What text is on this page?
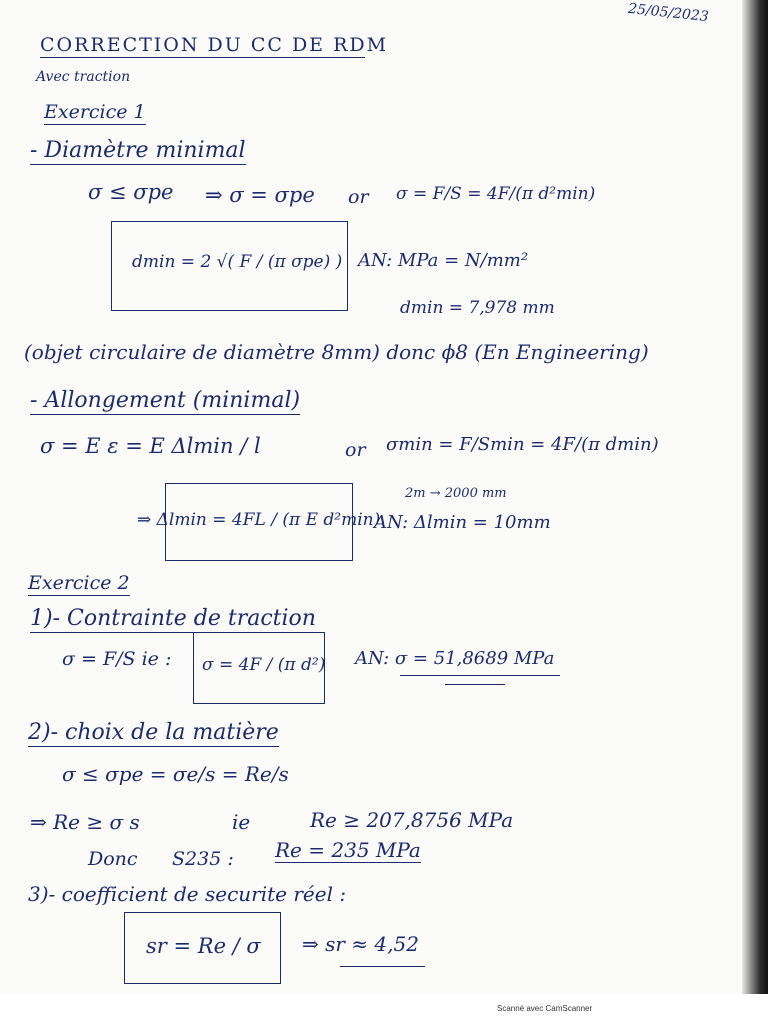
25/05/2023
CORRECTION DU CC DE RDM
Avec traction
Exercice 1
- Diamètre minimal
σ ≤ σpe ⇒ σ = σpe or σ = F/S = 4F/(π d²min)
dmin = 2 √( F / (π σpe) ) AN: MPa = N/mm²
dmin = 7,978 mm
(objet circulaire de diamètre 8mm) donc ϕ8 (En Engineering)
- Allongement (minimal)
σ = E ε = E Δlmin / l	or σmin = F/Smin = 4F/(π dmin)
2m → 2000 mm
⇒ Δlmin = 4FL / (π E d²min)
AN: Δlmin = 10mm
Exercice 2
1)- Contrainte de traction
σ = F/S ie : σ = 4F / (π d²) AN: σ = 51,8689 MPa
2)- choix de la matière
σ ≤ σpe = σe/s = Re/s
⇒ Re ≥ σ s	ie	Re ≥ 207,8756 MPa
Donc S235 : Re = 235 MPa
3)- coefficient de securite réel :
sr = Re / σ ⇒ sr ≈ 4,52
Scanné avec CamScanner
